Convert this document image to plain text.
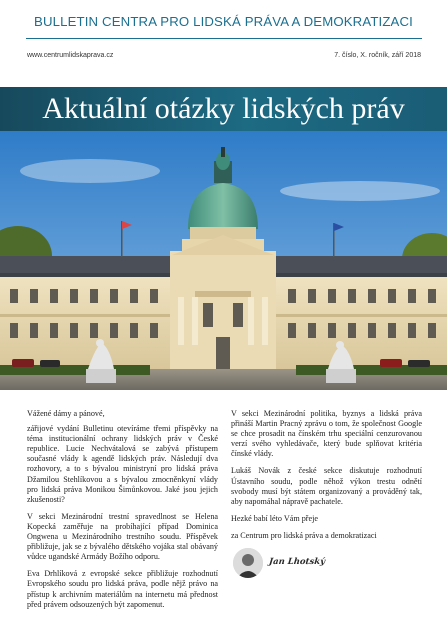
BULLETIN CENTRA PRO LIDSKÁ PRÁVA A DEMOKRATIZACI
www.centrumlidskaprava.cz	7. číslo, X. ročník, září 2018
Aktuální otázky lidských práv

Vážené dámy a pánové,

zářijové vydání Bulletinu otevíráme třemi příspěvky na téma institucionální ochrany lidských práv v České republice. Lucie Nechvátalová se zabývá přístupem současné vlády k agendě lidských práv. Následují dva rozhovory, a to s bývalou ministryní pro lidská práva Džamilou Stehlíkovou a s bývalou zmocněnkyní vlády pro lidská práva Monikou Šimůnkovou. Jaké jsou jejich zkušenosti?

V sekci Mezinárodní trestní spravedlnost se Helena Kopecká zaměřuje na probíhající případ Dominica Ongwena u Mezinárodního trestního soudu. Příspěvek přibližuje, jak se z bývalého dětského vojáka stal obávaný vůdce ugandské Armády Božího odporu.

Eva Drhlíková z evropské sekce přibližuje rozhodnutí Evropského soudu pro lidská práva, podle nějž právo na přístup k archivním materiálům na internetu má přednost před právem odsouzených být zapomenut.

V sekci Mezinárodní politika, byznys a lidská práva přináší Martin Pracný zprávu o tom, že společnost Google se chce prosadit na čínském trhu speciální cenzurovanou verzí svého vyhledávače, který bude splňovat kritéria čínské vlády.

Lukáš Novák z české sekce diskutuje rozhodnutí Ústavního soudu, podle něhož výkon trestu odnětí svobody musí být státem organizovaný a prováděný tak, aby napomáhal nápravě pachatele.

Hezké babí léto Vám přeje

za Centrum pro lidská práva a demokratizaci

Jan Lhotský
